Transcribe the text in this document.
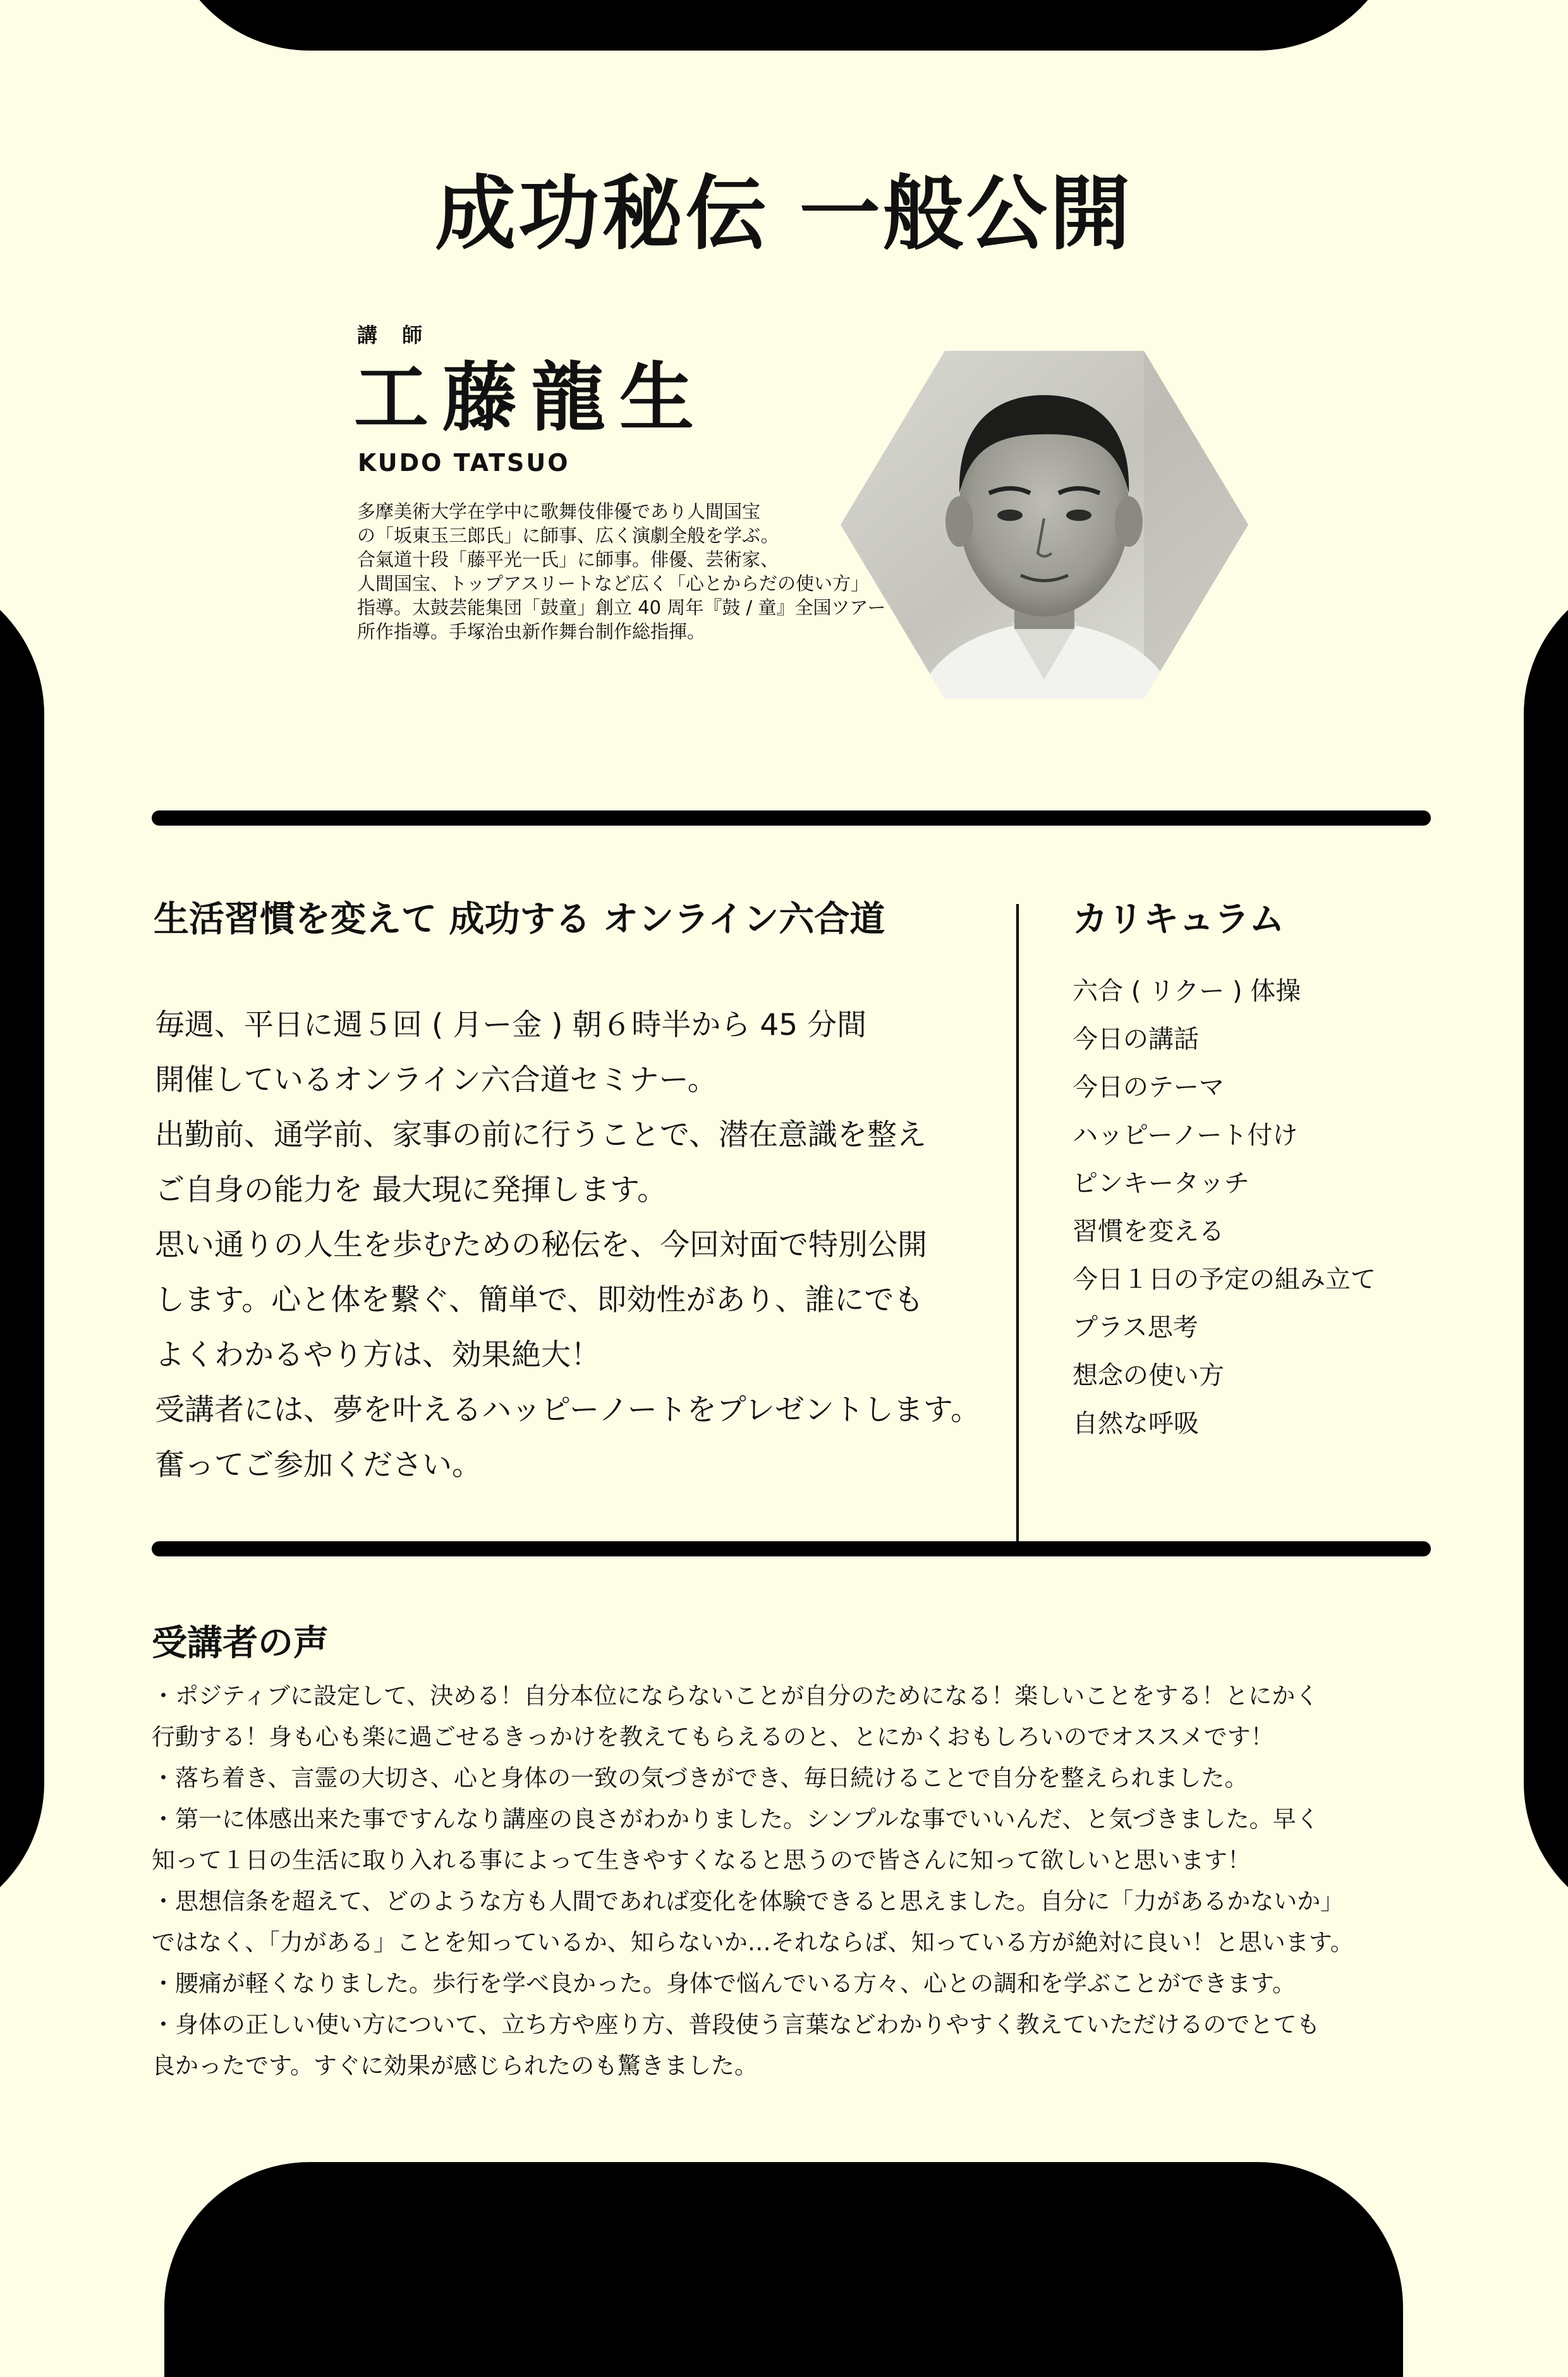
成功秘伝 一般公開
講 師
工藤龍生
KUDO TATSUO
多摩美術大学在学中に歌舞伎俳優であり人間国宝
の「坂東玉三郎氏」に師事、広く演劇全般を学ぶ。
合氣道十段「藤平光一氏」に師事。俳優、芸術家、
人間国宝、トップアスリートなど広く「心とからだの使い方」
指導。太鼓芸能集団「鼓童」創立 40 周年『鼓 / 童』全国ツアー
所作指導。手塚治虫新作舞台制作総指揮。
生活習慣を変えて 成功する オンライン六合道
毎週、平日に週５回 ( 月ー金 ) 朝６時半から 45 分間
開催しているオンライン六合道セミナー。
出勤前、通学前、家事の前に行うことで、潜在意識を整え
ご自身の能力を 最大現に発揮します。
思い通りの人生を歩むための秘伝を、今回対面で特別公開
します。心と体を繋ぐ、簡単で、即効性があり、誰にでも
よくわかるやり方は、効果絶大！
受講者には、夢を叶えるハッピーノートをプレゼントします。
奮ってご参加ください。
カリキュラム
六合 ( リクー ) 体操
今日の講話
今日のテーマ
ハッピーノート付け
ピンキータッチ
習慣を変える
今日１日の予定の組み立て
プラス思考
想念の使い方
自然な呼吸
受講者の声
・ポジティブに設定して、決める！自分本位にならないことが自分のためになる！楽しいことをする！とにかく
行動する！身も心も楽に過ごせるきっかけを教えてもらえるのと、とにかくおもしろいのでオススメです！
・落ち着き、言霊の大切さ、心と身体の一致の気づきができ、毎日続けることで自分を整えられました。
・第一に体感出来た事ですんなり講座の良さがわかりました。シンプルな事でいいんだ、と気づきました。早く
知って１日の生活に取り入れる事によって生きやすくなると思うので皆さんに知って欲しいと思います！
・思想信条を超えて、どのような方も人間であれば変化を体験できると思えました。自分に「力があるかないか」
ではなく、「力がある」ことを知っているか、知らないか…それならば、知っている方が絶対に良い！と思います。
・腰痛が軽くなりました。歩行を学べ良かった。身体で悩んでいる方々、心との調和を学ぶことができます。
・身体の正しい使い方について、立ち方や座り方、普段使う言葉などわかりやすく教えていただけるのでとても
良かったです。すぐに効果が感じられたのも驚きました。
